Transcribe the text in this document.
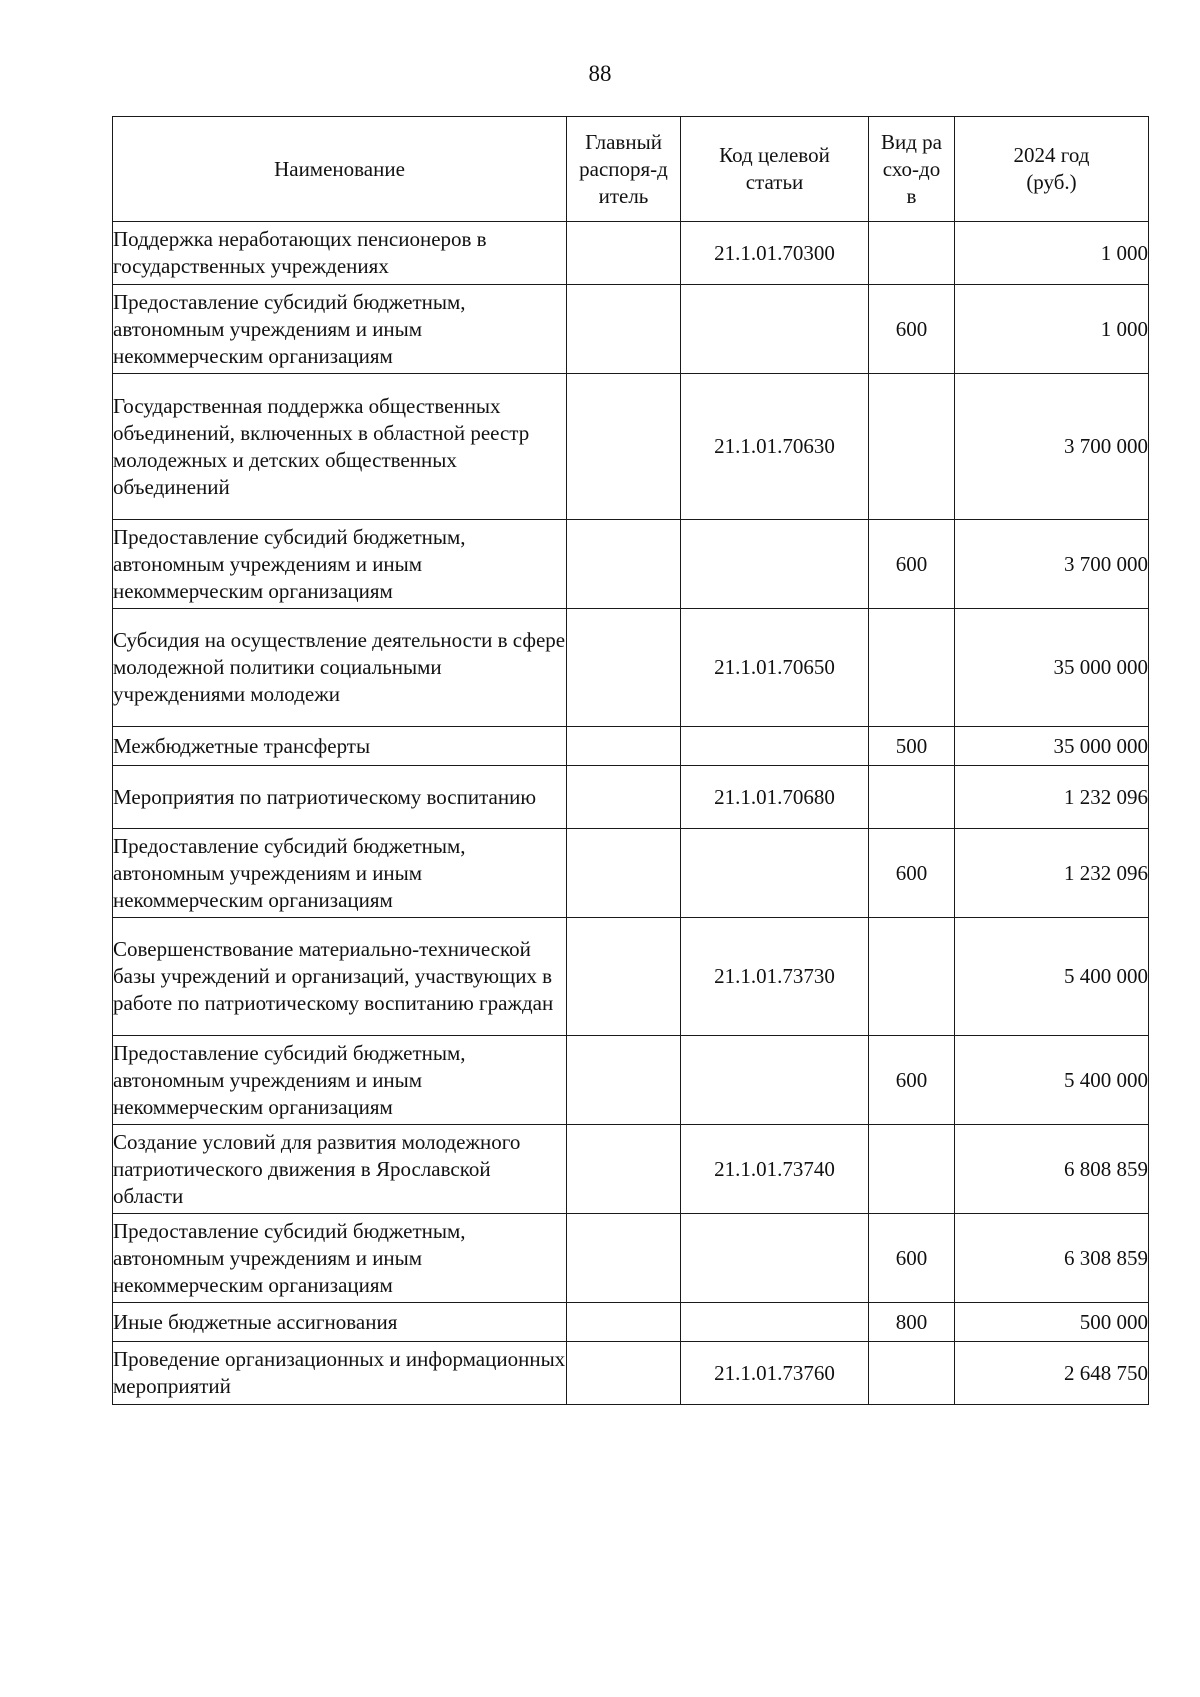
88
Наименование	Главный распоря-дитель	Код целевой статьи	Вид расхо-дов	2024 год (руб.)
Поддержка неработающих пенсионеров в государственных учреждениях		21.1.01.70300		1 000
Предоставление субсидий бюджетным, автономным учреждениям и иным некоммерческим организациям			600	1 000
Государственная поддержка общественных объединений, включенных в областной реестр молодежных и детских общественных объединений		21.1.01.70630		3 700 000
Предоставление субсидий бюджетным, автономным учреждениям и иным некоммерческим организациям			600	3 700 000
Субсидия на осуществление деятельности в сфере молодежной политики социальными учреждениями молодежи		21.1.01.70650		35 000 000
Межбюджетные трансферты			500	35 000 000
Мероприятия по патриотическому воспитанию		21.1.01.70680		1 232 096
Предоставление субсидий бюджетным, автономным учреждениям и иным некоммерческим организациям			600	1 232 096
Совершенствование материально-технической базы учреждений и организаций, участвующих в работе по патриотическому воспитанию граждан		21.1.01.73730		5 400 000
Предоставление субсидий бюджетным, автономным учреждениям и иным некоммерческим организациям			600	5 400 000
Создание условий для развития молодежного патриотического движения в Ярославской области		21.1.01.73740		6 808 859
Предоставление субсидий бюджетным, автономным учреждениям и иным некоммерческим организациям			600	6 308 859
Иные бюджетные ассигнования			800	500 000
Проведение организационных и информационных мероприятий		21.1.01.73760		2 648 750
